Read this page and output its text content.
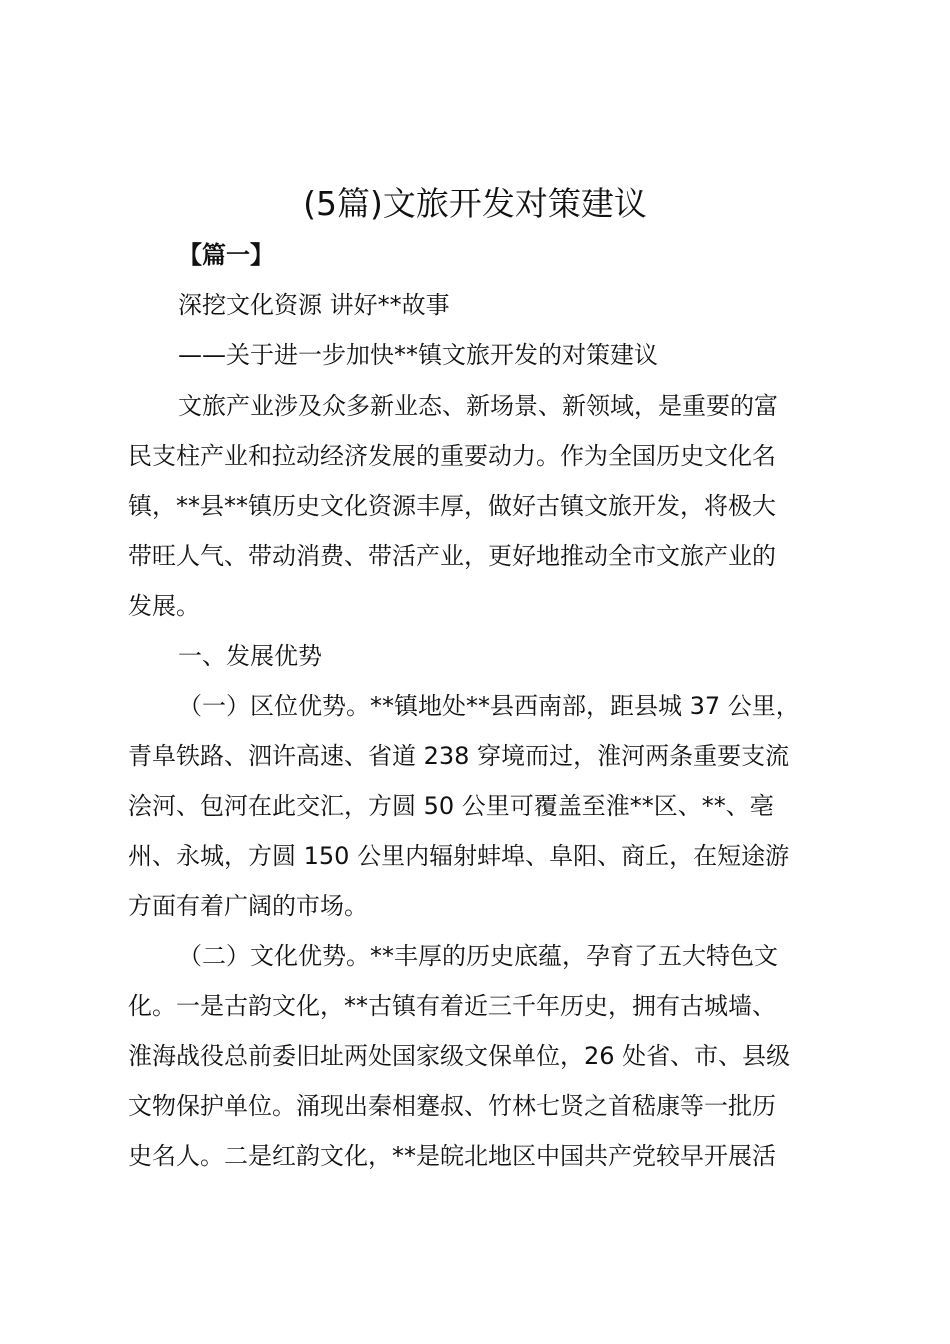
(5篇)文旅开发对策建议
【篇一】
深挖文化资源 讲好**故事
——关于进一步加快**镇文旅开发的对策建议
文旅产业涉及众多新业态、新场景、新领域，是重要的富
民支柱产业和拉动经济发展的重要动力。作为全国历史文化名
镇，**县**镇历史文化资源丰厚，做好古镇文旅开发，将极大
带旺人气、带动消费、带活产业，更好地推动全市文旅产业的
发展。
一、发展优势
（一）区位优势。**镇地处**县西南部，距县城 37 公里，
青阜铁路、泗许高速、省道 238 穿境而过，淮河两条重要支流
浍河、包河在此交汇，方圆 50 公里可覆盖至淮**区、**、亳
州、永城，方圆 150 公里内辐射蚌埠、阜阳、商丘，在短途游
方面有着广阔的市场。
（二）文化优势。**丰厚的历史底蕴，孕育了五大特色文
化。一是古韵文化，**古镇有着近三千年历史，拥有古城墙、
淮海战役总前委旧址两处国家级文保单位，26 处省、市、县级
文物保护单位。涌现出秦相蹇叔、竹林七贤之首嵇康等一批历
史名人。二是红韵文化，**是皖北地区中国共产党较早开展活
